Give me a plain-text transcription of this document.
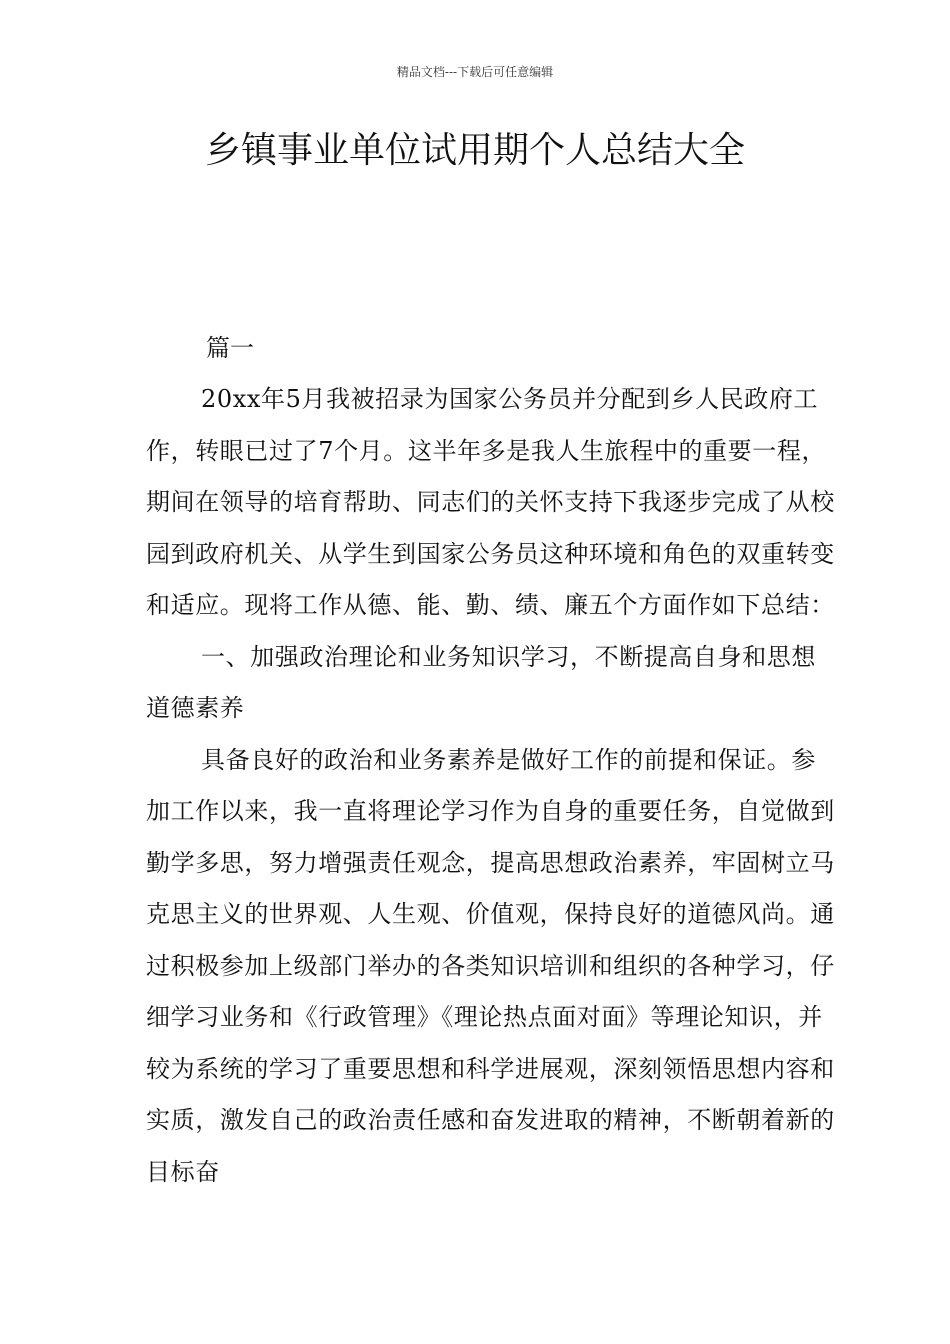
精品文档---下载后可任意编辑
乡镇事业单位试用期个人总结大全
篇一

20xx年5月我被招录为国家公务员并分配到乡人民政府工作，转眼已过了7个月。这半年多是我人生旅程中的重要一程，期间在领导的培育帮助、同志们的关怀支持下我逐步完成了从校园到政府机关、从学生到国家公务员这种环境和角色的双重转变和适应。现将工作从德、能、勤、绩、廉五个方面作如下总结：

一、加强政治理论和业务知识学习，不断提高自身和思想道德素养

具备良好的政治和业务素养是做好工作的前提和保证。参加工作以来，我一直将理论学习作为自身的重要任务，自觉做到勤学多思，努力增强责任观念，提高思想政治素养，牢固树立马克思主义的世界观、人生观、价值观，保持良好的道德风尚。通过积极参加上级部门举办的各类知识培训和组织的各种学习，仔细学习业务和《行政管理》《理论热点面对面》等理论知识，并较为系统的学习了重要思想和科学进展观，深刻领悟思想内容和实质，激发自己的政治责任感和奋发进取的精神，不断朝着新的目标奋
